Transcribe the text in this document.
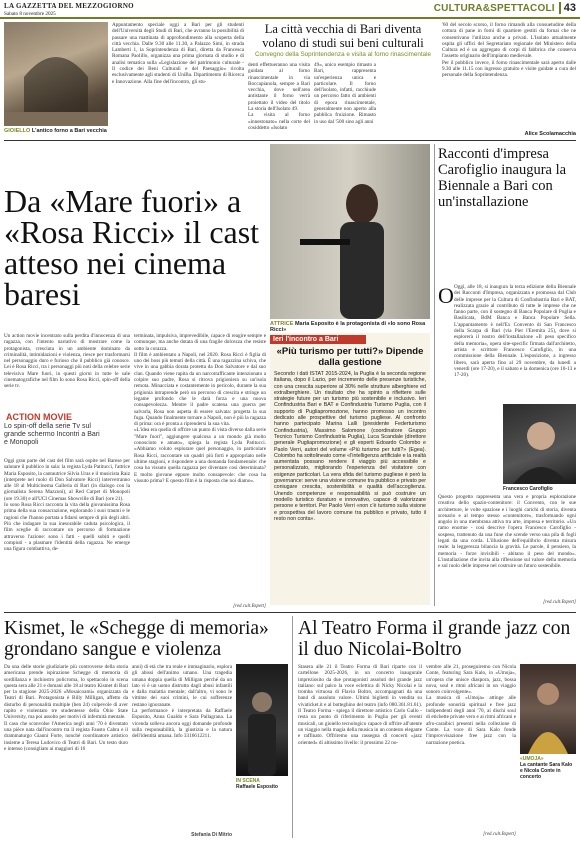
LA GAZZETTA DEL MEZZOGIORNO
Sabato 8 novembre 2025
CULTURA&SPETTACOLI 43
GIOIELLO L'antico forno a Bari vecchia
Appuntamento speciale oggi a Bari per gli studenti dell'Università degli Studi di Bari, che avranno la possibilità di passare una mattinata di approfondimento alla scoperta della città vecchia. Dalle 9.30 alle 11.30, a Palazzo Simi, in strada Lamberti 1, la Soprintendenza di Bari, diretta da Francesca Romana Paolillo, organizza una prima giornata di studio e di analisi tematica sulla «Legislazione del patrimonio culturale - Il codice dei Beni Culturali e del Paesaggio» rivolta esclusivamente agli studenti di UniBa. Dipartimento di Ricerca e Innovazione. Alla fine dell'incontro, gli stu-
La città vecchia di Bari diventa volano di studi sui beni culturali
Convegno della Soprintendenza e visita al forno rinascimentale
denti effettueranno una visita guidata al forno rinascimentale in via Boccapianola, sempre a Bari vecchia, dove nell'area antistante il forno verrà proiettato il video del titolo La storia dell'Isolato 49.
La visita al forno «innestonato» nella corte del cosiddetto «Isolato
49», unico esempio rimasto a Bari, rappresenta un'esperienza unica e particolare. Il forno dell'isolato, infatti, racchiude un percorso fatto di ambienti di epoca rinascimentale, generalmente non aperto alla pubblica fruizione. Rimasto in uso dal '500 sino agli anni
'60 del secolo scorso, il forno rimandò alla consuetudine della cottura di pane in forni di quartiere gestiti da fornai che ne consentivano l'utilizzo anche a privati. L'Isolato attualmente ospita gli uffici del Segretariato regionale del Ministero della Cultura ed è un aggregato di corpi di fabbrica che conserva l'assetto originario dell'impianto medievale.
Per il pubblico invece, il forno rinascimentale sarà aperto dalle 9.30 alle 11.15 con ingresso gratuito e visite guidate a cura del personale della Soprintendenza.
Alice Scolamacchia
Da «Mare fuori» a «Rosa Ricci» il cast atteso nei cinema baresi
ATTRICE Maria Esposito è la protagonista di «Io sono Rosa Ricci»
Un action movie incentrato sulla perdita d'innocenza di una ragazza, con l'intento narrativo di mostrare come la protagonista, cresciuta in un ambiente dominato da criminalità, intimidazioni e violenza, riesce per trasformarsi nel personaggio duro e furioso che il pubblico già conosce. Lei è Rosa Ricci, tra i personaggi più noti della celebre serie televisiva Mare fuori, in questi giorni in tutte le sale cinematografiche nel film Io sono Rosa Ricci, spin-off della serie tv.
ACTION MOVIE
Lo spin-off della serie Tv sul grande schermo Incontri a Bari e Monopoli
Oggi gran parte del cast del film sarà ospite nel Barese per salutare il pubblico in sala: la regista Lyda Patitucci, l'attrice Maria Esposito, la cantautrice Silvia Uras e il musicista Raiz (interprete nel ruolo di Don Salvatore Ricci) interverranno alle 18 al Multicinema Galleria di Bari (in dialogo con la giornalista Serena Mazzoni), al Red Carpet di Monopoli (ore 19.30) e all'UCI Cinemas Showville di Bari (ore 21).
Io sono Rosa Ricci racconta la vita della giovanissima Rosa prima della sua consacrazione, esplorando i suoi traumi e le ragioni che l'hanno portata a fidarsi sempre di più degli altri. Più che indagare la sua inesorabile caduta psicologica, il film sceglie di raccontare un percorso di formazione attraverso l'azione: sono i fatti - quelli subiti e quelli compiuti - a plasmare l'identità della ragazza. Ne emerge una figura combattiva, de-
terminata, impulsiva, imprevedibile, capace di reagire sempre e comunque, ma anche dotata di una fragile dolcezza che resiste sotto la corazza.
Il film è ambientato a Napoli, nel 2020. Rosa Ricci è figlia di uno dei boss più temuti della città. È una ragazzina schiva, che vive in una gabbia dorata protetta da Don Salvatore e dal suo clan. Quando viene rapita da un narcotrafficante intenzionato a colpire suo padre, Rosa si ritrova prigioniera su un'isola remota. Minacciata e costantemente in pericolo, durante la sua prigionia intraprende però un percorso di crescita e stringe un legame profondo che le darà forza e una nuova consapevolezza. Mentre il padre scatena una guerra per salvarla, Rosa non aspetta di essere salvata: progetta la sua fuga. Quando finalmente tornare a Napoli, non è più la ragazza di prima: ora è pronta a riprendersi la sua vita.
«L'idea era quella di offrire un punto di vista diverso dalla serie "Mare fuori", aggiungere qualcosa a un mondo già molto conosciuto e amato», spiega la regista Lyda Patitucci. «Abbiamo voluto esplorare quel personaggio, in particolare Rosa Ricci, raccontare un quadri più forti e appropriato nelle ultime stagioni, e rispondere a una domanda fondamentale: che cosa ha vissuto quella ragazza per diventare così determinata? E molto giovane eppure molto consapevole: che cosa ha vissuto prima? E questo film è la risposta che noi diamo».
[red.cult.Bspett]
Ieri l'incontro a Bari
«Più turismo per tutti?» Dipende dalla gestione
Secondo i dati ISTAT 2015-2024, la Puglia è la seconda regione italiana, dopo il Lazio, per incremento delle presenze turistiche, con una crescita superiore al 30% nelle strutture alberghiere ed extralberghiere. Un risultato che ha spinto a riflettere sulle strategie future per un turismo più sostenibile e inclusivo. Ieri Confindustria Bari e BAT e Confindustria Turismo Puglia, con il supporto di Pugliapromozione, hanno promosso un incontro dedicato alle prospettive del turismo pugliese. Al confronto hanno partecipato Marina Lalli (presidente Federturismo Confindustria), Massimo Salomone (coordinatore Gruppo Tecnico Turismo Confindustria Puglia), Luca Scandale (direttore generale Pugliapromozione) e gli esperti Edoardo Colombo e Paolo Verri, autori del volume «Più turismo per tutti?» (Egea). Colombo ha sottolineato come «l'intelligenza artificiale e la realtà aumentata possano rendere il viaggio più accessibile e personalizzato, migliorando l'esperienza del visitatore con esigenze particolari. La vera sfida del turismo pugliese è però la governance: serve una visione comune tra pubblico e privato per coniugare crescita, sostenibilità e qualità dell'accoglienza. Unendo competenze e responsabilità si può costruire un modello turistico duraturo e innovativo, capace di valorizzare persone e territori. Per Paolo Verri «non c'è turismo sulla visione e prospettiva del lavoro comune tra pubblico e privato, tutto il resto non conta».
Racconti d'impresa Carofiglio inaugura la Biennale a Bari con un'installazione
O Oggi, alle 18, si inaugura la terza edizione della Biennale dei Racconti d'Impresa, organizzata e promossa dal Club delle imprese per la Cultura di Confindustria Bari e BAT, realizzata grazie al contributo di tutte le imprese che ne fanno parte, con il sostegno di Banca Popolare di Puglia e Basilicata, BdM Banca e Banca Popolare Sella. L'appuntamento è nell'Ex Convento di San Francesco della Scarpa di Bari (via Pier l'Eremita 25), dove si esplorerà il nostro dell'installazione «Il peso specifico della memoria», opera site-specific firmata dall'architetto, artista e scrittore Francesco Carofiglio, in una commissione della Biennale. L'esposizione, a ingresso libero, sarà aperta fino al 29 novembre, da lunedì a venerdì (ore 17-20), e il sabato e la domenica (ore 10-13 e 17-20).
Francesco Carofiglio
Questo progetto rappresenta una vera e propria esplorazione creativa dello spazio-contenitore: il Convento, con le sue architetture, le volte spaziose e i luoghi carichi di storia, diventa scenario e al tempo stesso «contenitore», trasformando ogni angolo in una membrana attiva tra arte, impresa e territorio. «Un ramo enorme - così descrive l'opera Francesco Carofiglio - sospeso, trattenuto da una fune che scende verso una pila di fogli legati da una corda. L'illusione dell'equilibrio diventa misura reale: la leggerezza bilancia la gravità. Le parole, il pensiero, la memoria - forze invisibili - abitano il peso del mondo». L'installazione che invita alla riflessione sul valore della memoria e sul ruolo delle imprese nel costruire un futuro sostenibile.
[red.cult.Bspett]
Kismet, le «Schegge di memoria» grondano sangue e violenza
Da una delle storie giudiziarie più controverse della storia americana prende ispirazione Schegge di memoria di sordillanza e inchiostro policroma, lo spettacolo in scena questa sera alle 21 e domani alle 18 al teatro Kismet di Bari per la stagione 2025-2026 «Mosaicoami» organizzata da Teatri di Bari. Protagonista è Billy Milligan, affetto da disturbo di personalità multiple (ben 24) colpevole di aver rapito e violentato tre studentesse della Ohio State University, ma poi assolto per motivi di infermità mentale.
Il caso che sconvolse l'America negli anni '70 è diventato una pièce nata dall'incontro tra il regista Fausto Cabra e il drammaturgo Gianni Forte, nonché coordinatore artistico insieme a Teresa Ludovico di Teatri di Bari. Un testo duro e intenso (consigliato ai maggiori di 16
anni) di età che tra reale e immaginario, esplora gli abissi dell'animo umano. Una tragedia umana doppia quella di Milligan perché da un lato vi è un uomo distrutto dagli abusi infantili e dalla malattia mentale; dall'altro, vi sono le vittime dei suoi crimini, le cui sofferenze restano ignoranate.
La performance è interpretata da Raffaele Esposito, Anna Gualdo e Sara Pallagrana. La vicenda solleva ancora oggi domande profonde sulla responsabilità, la giustizia e la natura dell'identità umana. Info 3316612211.
IN SCENA
Raffaele Esposito
Stefania Di Mitrio
Al Teatro Forma il grande jazz con il duo Nicolai-Boltro
Stasera alle 21 il Teatro Forma di Bari riparte con il cartellone 2025-2026, in un concerto inaugurale impreziosito da due protagonisti assoluti del grande jazz italiano: sul palco la voce eclettica di Nicky Nicolai e la tromba virtuosa di Flavio Boltro, accompagnati da una band di assoluto valore. Ultimi biglietti in vendita su vivaticket.it e al botteghino del teatro (info 080.361.81.61). Il Teatro Forma - spiega il direttore artistico Carlo Gallo - resta un punto di riferimento in Puglia per gli eventi musicali, un gioiello tecnologico capace di offrire all'utente un viaggio nella magia della musica in un contesto elegante e raffinato. Offriremo una rassegna di concerti «jazz oriented» di altissimo livello: il prossimo 22 no-
vembre alle 21, proseguiremo con Nicola Conte, featuring Sara Kalo, in «Umoja», un'opera che unisce diaspora, jazz, bossa nova, soul e ritmi africani in un viaggio sonoro coinvolgente».
La musica di «Umoja» attinge alle profonde sonorità spiritual e free jazz indipendenti degli anni '70, ai dischi soul di etichette private vero e ai ritmi africani e afro-caraibici presenti nella collezione di Conte. La voce di Sara Kalo fonde l'improvvisazione free jazz con la narrazione poetica.
«UMOJA»
La cantante Sara Kalo e Nicola Conte in concerto
[red.cult.Bspett]
